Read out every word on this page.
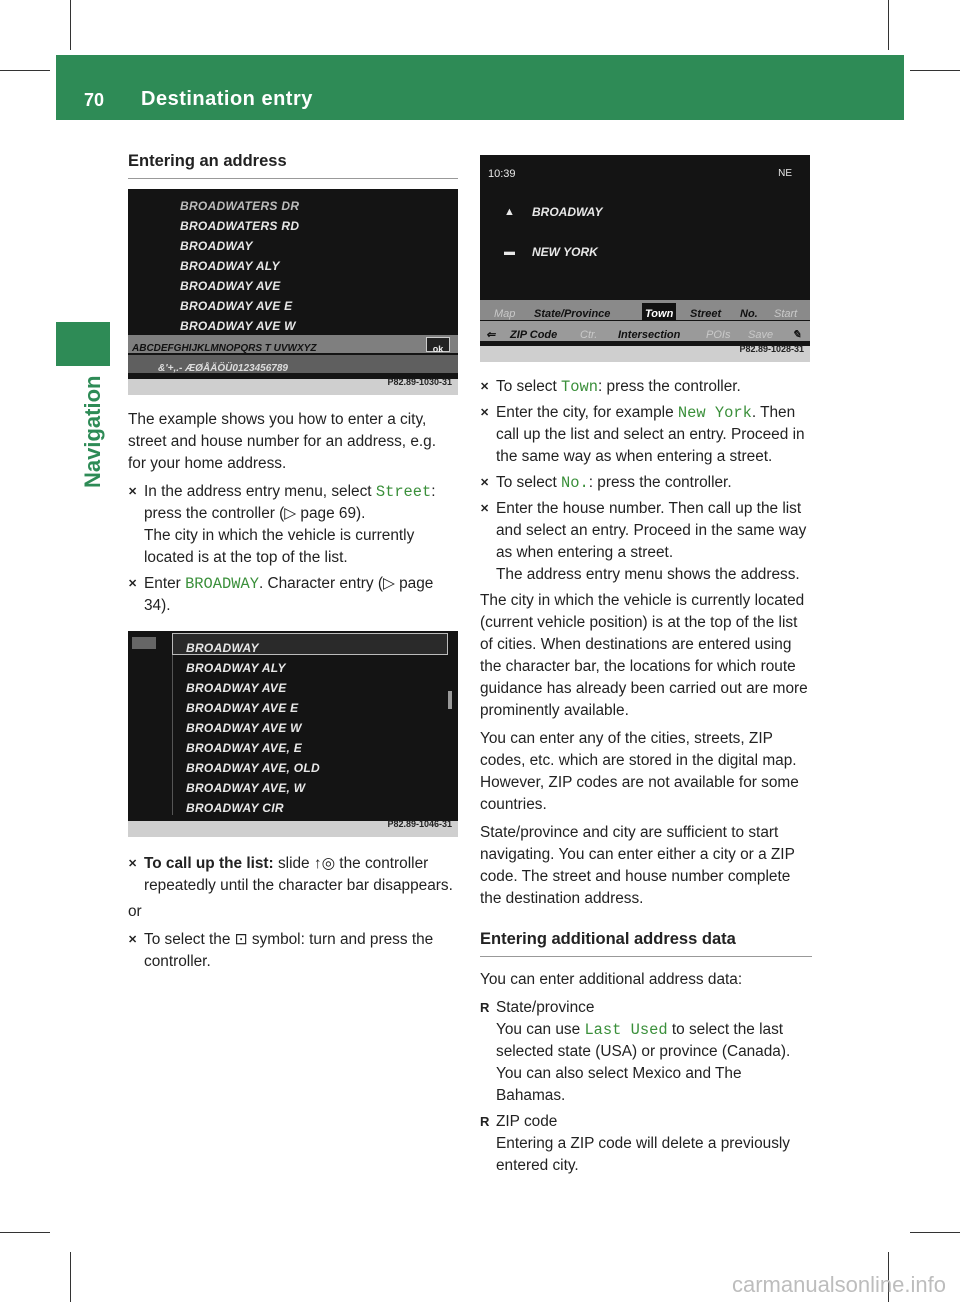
70 Destination entry
Navigation
Entering an address
BROADWATERS DR
BROADWATERS RD
BROADWAY
BROADWAY ALY
BROADWAY AVE
BROADWAY AVE E
BROADWAY AVE W
ABCDEFGHIJKLMNOPQRS T UVWXYZ	ok
&'+,.- ÆØÅÄÖÜ0123456789
P82.89-1030-31

The example shows you how to enter a city, street and house number for an address, e.g. for your home address.

✕ In the address entry menu, select Street: press the controller (▷ page 69).
The city in which the vehicle is currently located is at the top of the list.
✕ Enter BROADWAY. Character entry (▷ page 34).
BROADWAY
BROADWAY ALY
BROADWAY AVE
BROADWAY AVE E
BROADWAY AVE W
BROADWAY AVE, E
BROADWAY AVE, OLD
BROADWAY AVE, W
BROADWAY CIR
P82.89-1046-31
✕ To call up the list: slide ↑◎ the controller repeatedly until the character bar disappears.

or

✕ To select the ⊡ symbol: turn and press the controller.
10:39	NE
▲ BROADWAY
▬ NEW YORK
Map State/Province	Town Street No. Start
⇐ ZIP Code Ctr. Intersection POIs Save ✎
P82.89-1028-31
✕ To select Town: press the controller.
✕ Enter the city, for example New York. Then call up the list and select an entry. Proceed in the same way as when entering a street.
✕ To select No.: press the controller.
✕ Enter the house number. Then call up the list and select an entry. Proceed in the same way as when entering a street.
The address entry menu shows the address.

The city in which the vehicle is currently located (current vehicle position) is at the top of the list of cities. When destinations are entered using the character bar, the locations for which route guidance has already been carried out are more prominently available.

You can enter any of the cities, streets, ZIP codes, etc. which are stored in the digital map. However, ZIP codes are not available for some countries.

State/province and city are sufficient to start navigating. You can enter either a city or a ZIP code. The street and house number complete the destination address.

Entering additional address data

You can enter additional address data:

R State/province
You can use Last Used to select the last selected state (USA) or province (Canada). You can also select Mexico and The Bahamas.
R ZIP code
Entering a ZIP code will delete a previously entered city.
carmanualsonline.info
